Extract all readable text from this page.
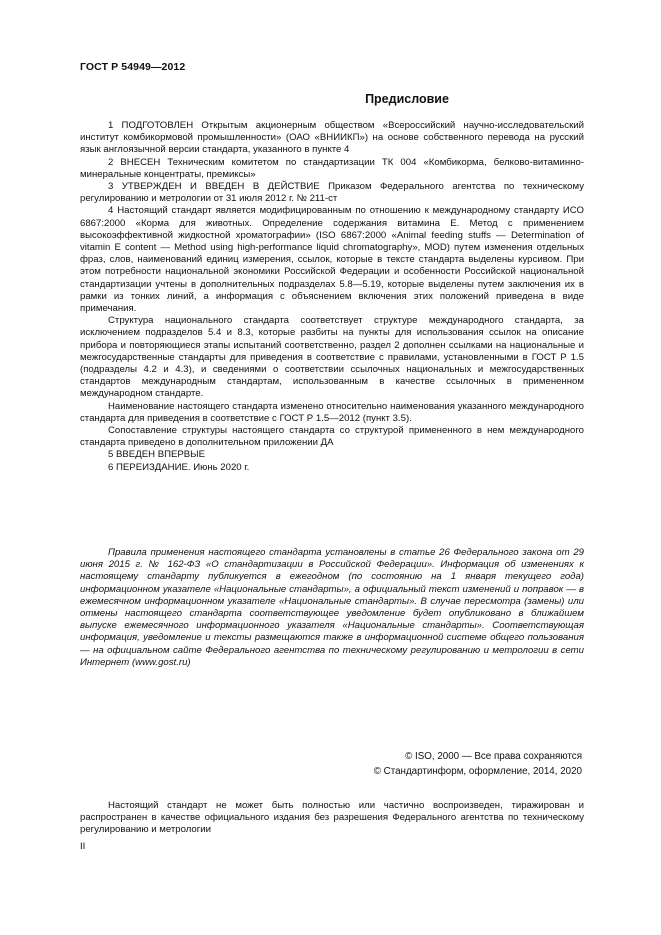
ГОСТ Р 54949—2012
Предисловие

1 ПОДГОТОВЛЕН Открытым акционерным обществом «Всероссийский научно-исследовательский институт комбикормовой промышленности» (ОАО «ВНИИКП») на основе собственного перевода на русский язык англоязычной версии стандарта, указанного в пункте 4

2 ВНЕСЕН Техническим комитетом по стандартизации ТК 004 «Комбикорма, белково-витаминно-минеральные концентраты, премиксы»

3 УТВЕРЖДЕН И ВВЕДЕН В ДЕЙСТВИЕ Приказом Федерального агентства по техническому регулированию и метрологии от 31 июля 2012 г. № 211-ст

4 Настоящий стандарт является модифицированным по отношению к международному стандарту ИСО 6867:2000 «Корма для животных. Определение содержания витамина Е. Метод с применением высокоэффективной жидкостной хроматографии» (ISO 6867:2000 «Animal feeding stuffs — Determination of vitamin E content — Method using high-performance liquid chromatography», MOD) путем изменения отдельных фраз, слов, наименований единиц измерения, ссылок, которые в тексте стандарта выделены курсивом. При этом потребности национальной экономики Российской Федерации и особенности Российской национальной стандартизации учтены в дополнительных подразделах 5.8—5.19, которые выделены путем заключения их в рамки из тонких линий, а информация с объяснением включения этих положений приведена в виде примечания.

Структура национального стандарта соответствует структуре международного стандарта, за исключением подразделов 5.4 и 8.3, которые разбиты на пункты для использования ссылок на описание прибора и повторяющиеся этапы испытаний соответственно, раздел 2 дополнен ссылками на национальные и межгосударственные стандарты для приведения в соответствие с правилами, установленными в ГОСТ Р 1.5 (подразделы 4.2 и 4.3), и сведениями о соответствии ссылочных национальных и межгосударственных стандартов международным стандартам, использованным в качестве ссылочных в примененном международном стандарте.

Наименование настоящего стандарта изменено относительно наименования указанного международного стандарта для приведения в соответствие с ГОСТ Р 1.5—2012 (пункт 3.5).

Сопоставление структуры настоящего стандарта со структурой примененного в нем международного стандарта приведено в дополнительном приложении ДА

5 ВВЕДЕН ВПЕРВЫЕ

6 ПЕРЕИЗДАНИЕ. Июнь 2020 г.

Правила применения настоящего стандарта установлены в статье 26 Федерального закона от 29 июня 2015 г. № 162-ФЗ «О стандартизации в Российской Федерации». Информация об изменениях к настоящему стандарту публикуется в ежегодном (по состоянию на 1 января текущего года) информационном указателе «Национальные стандарты», а официальный текст изменений и поправок — в ежемесячном информационном указателе «Национальные стандарты». В случае пересмотра (замены) или отмены настоящего стандарта соответствующее уведомление будет опубликовано в ближайшем выпуске ежемесячного информационного указателя «Национальные стандарты». Соответствующая информация, уведомление и тексты размещаются также в информационной системе общего пользования — на официальном сайте Федерального агентства по техническому регулированию и метрологии в сети Интернет (www.gost.ru)

© ISO, 2000 — Все права сохраняются
© Стандартинформ, оформление, 2014, 2020

Настоящий стандарт не может быть полностью или частично воспроизведен, тиражирован и распространен в качестве официального издания без разрешения Федерального агентства по техническому регулированию и метрологии

II
